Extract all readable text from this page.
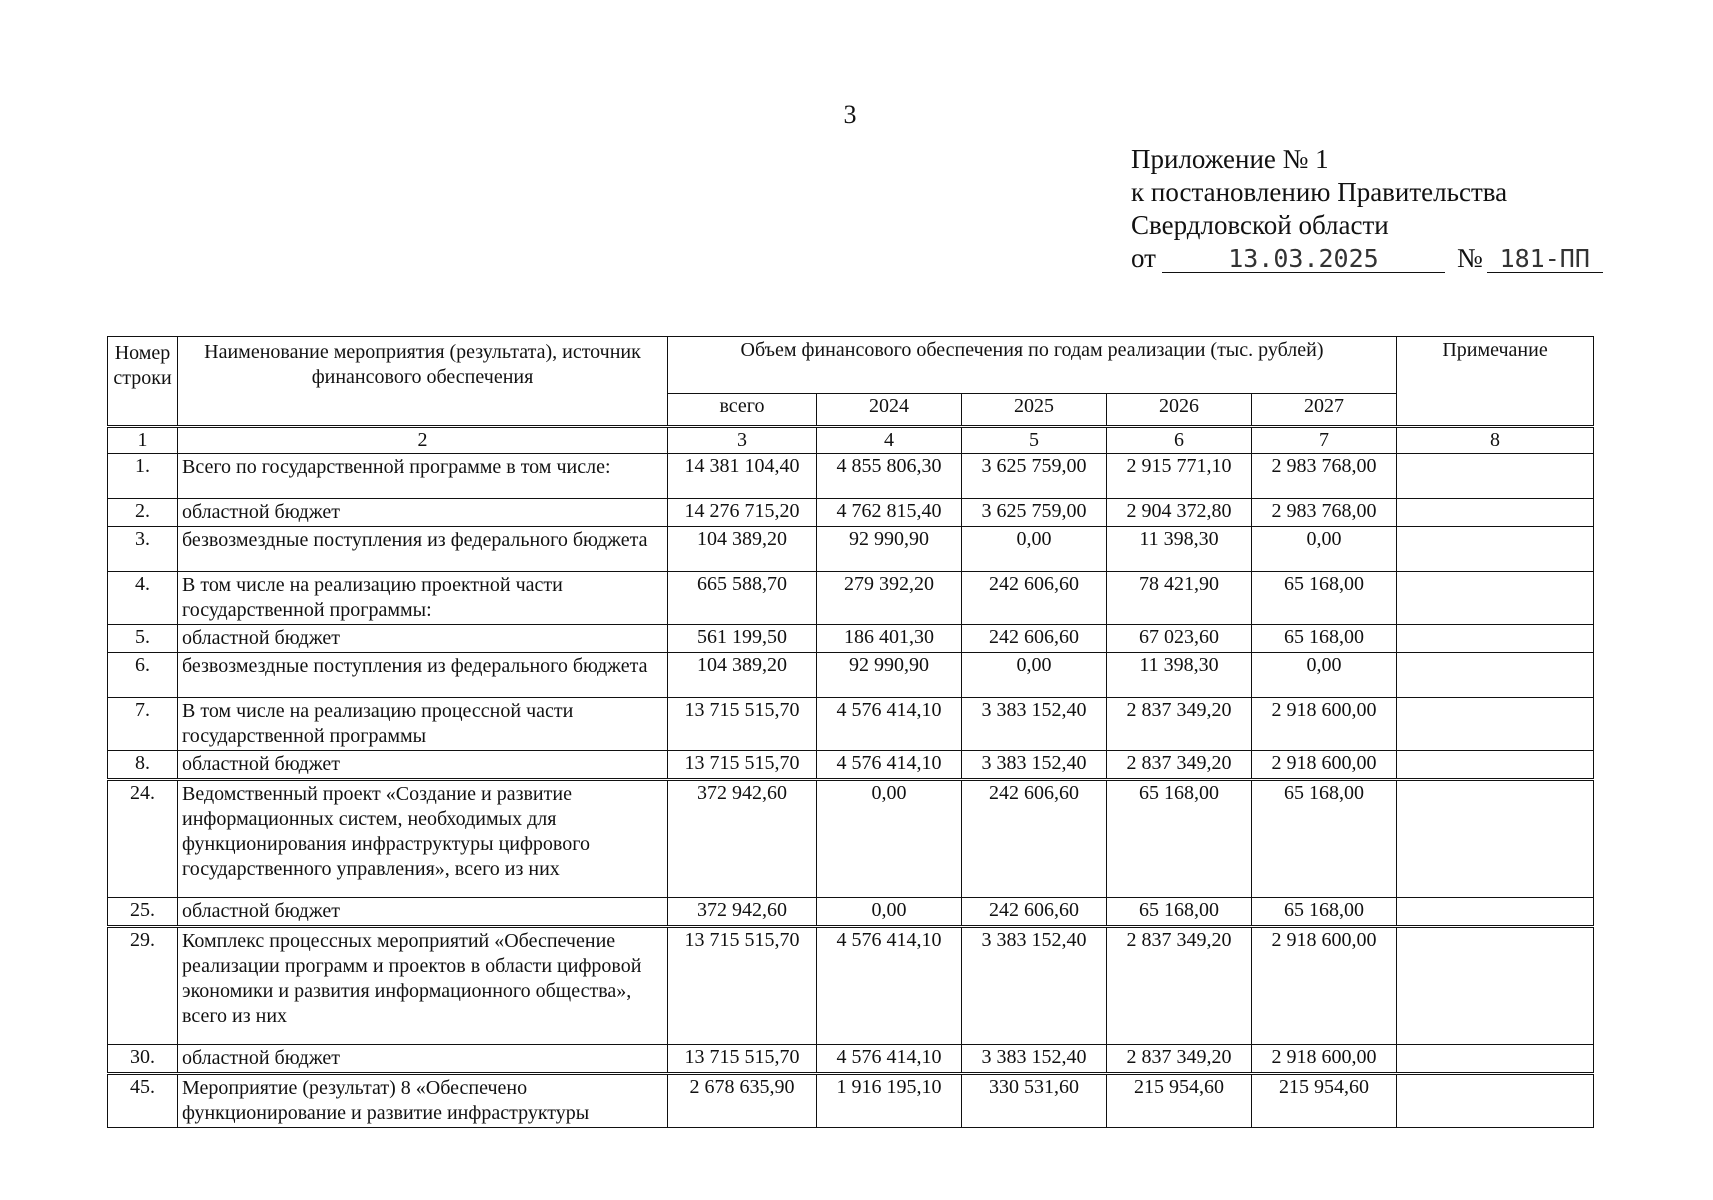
3
Приложение № 1
к постановлению Правительства
Свердловской области
от	13.03.2025	№ 181-ПП
Номер строки	Наименование мероприятия (результата), источник финансового обеспечения	Объем финансового обеспечения по годам реализации (тыс. рублей)					Примечание
		всего	2024	2025	2026	2027	
1	2	3	4	5	6	7	8
1.	Всего по государственной программе в том числе:	14 381 104,40	4 855 806,30	3 625 759,00	2 915 771,10	2 983 768,00	
2.	областной бюджет	14 276 715,20	4 762 815,40	3 625 759,00	2 904 372,80	2 983 768,00	
3.	безвозмездные поступления из федерального бюджета	104 389,20	92 990,90	0,00	11 398,30	0,00	
4.	В том числе на реализацию проектной части государственной программы:	665 588,70	279 392,20	242 606,60	78 421,90	65 168,00	
5.	областной бюджет	561 199,50	186 401,30	242 606,60	67 023,60	65 168,00	
6.	безвозмездные поступления из федерального бюджета	104 389,20	92 990,90	0,00	11 398,30	0,00	
7.	В том числе на реализацию процессной части государственной программы	13 715 515,70	4 576 414,10	3 383 152,40	2 837 349,20	2 918 600,00	
8.	областной бюджет	13 715 515,70	4 576 414,10	3 383 152,40	2 837 349,20	2 918 600,00	
24.	Ведомственный проект «Создание и развитие информационных систем, необходимых для функционирования инфраструктуры цифрового государственного управления», всего из них	372 942,60	0,00	242 606,60	65 168,00	65 168,00	
25.	областной бюджет	372 942,60	0,00	242 606,60	65 168,00	65 168,00	
29.	Комплекс процессных мероприятий «Обеспечение реализации программ и проектов в области цифровой экономики и развития информационного общества», всего из них	13 715 515,70	4 576 414,10	3 383 152,40	2 837 349,20	2 918 600,00	
30.	областной бюджет	13 715 515,70	4 576 414,10	3 383 152,40	2 837 349,20	2 918 600,00	
45.	Мероприятие (результат) 8 «Обеспечено функционирование и развитие инфраструктуры	2 678 635,90	1 916 195,10	330 531,60	215 954,60	215 954,60	
